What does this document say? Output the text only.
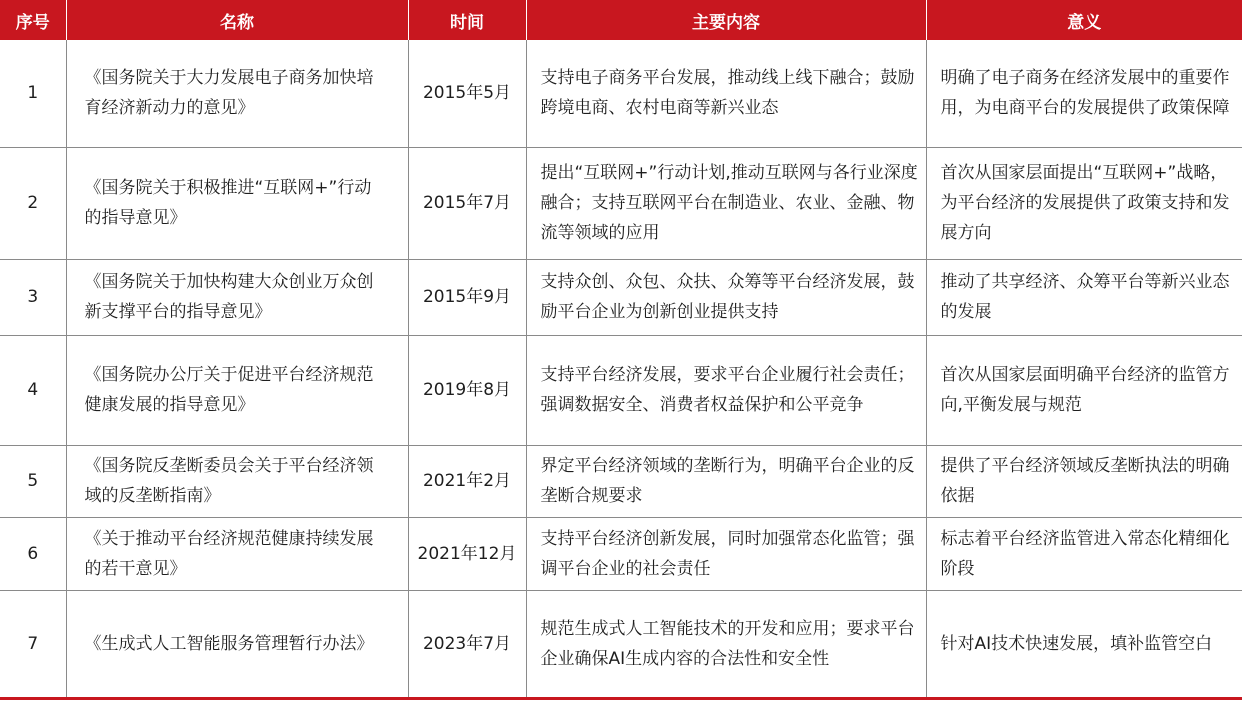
序号	名称	时间	主要内容	意义
1	《国务院关于大力发展电子商务加快培育经济新动力的意见》	2015年5月	支持电子商务平台发展，推动线上线下融合；鼓励跨境电商、农村电商等新兴业态	明确了电子商务在经济发展中的重要作用，为电商平台的发展提供了政策保障
2	《国务院关于积极推进“互联网+”行动的指导意见》	2015年7月	提出“互联网+”行动计划,推动互联网与各行业深度融合；支持互联网平台在制造业、农业、金融、物流等领域的应用	首次从国家层面提出“互联网+”战略，为平台经济的发展提供了政策支持和发展方向
3	《国务院关于加快构建大众创业万众创新支撑平台的指导意见》	2015年9月	支持众创、众包、众扶、众筹等平台经济发展，鼓励平台企业为创新创业提供支持	推动了共享经济、众筹平台等新兴业态的发展
4	《国务院办公厅关于促进平台经济规范健康发展的指导意见》	2019年8月	支持平台经济发展，要求平台企业履行社会责任；强调数据安全、消费者权益保护和公平竞争	首次从国家层面明确平台经济的监管方向,平衡发展与规范
5	《国务院反垄断委员会关于平台经济领域的反垄断指南》	2021年2月	界定平台经济领域的垄断行为，明确平台企业的反垄断合规要求	提供了平台经济领域反垄断执法的明确依据
6	《关于推动平台经济规范健康持续发展的若干意见》	2021年12月	支持平台经济创新发展，同时加强常态化监管；强调平台企业的社会责任	标志着平台经济监管进入常态化精细化阶段
7	《生成式人工智能服务管理暂行办法》	2023年7月	规范生成式人工智能技术的开发和应用；要求平台企业确保AI生成内容的合法性和安全性	针对AI技术快速发展，填补监管空白
